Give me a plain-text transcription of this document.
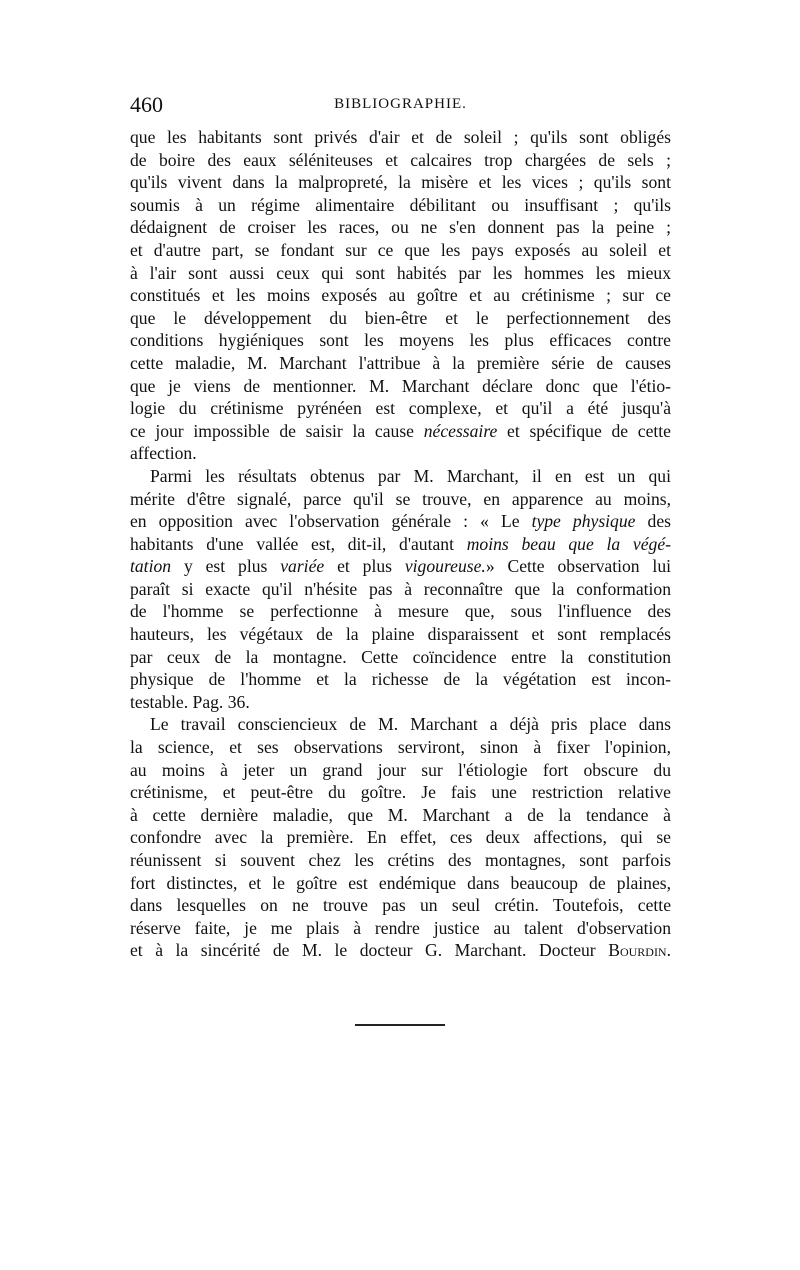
460	BIBLIOGRAPHIE.
que les habitants sont privés d'air et de soleil ; qu'ils sont obligés
de boire des eaux séléniteuses et calcaires trop chargées de sels ;
qu'ils vivent dans la malpropreté, la misère et les vices ; qu'ils sont
soumis à un régime alimentaire débilitant ou insuffisant ; qu'ils
dédaignent de croiser les races, ou ne s'en donnent pas la peine ;
et d'autre part, se fondant sur ce que les pays exposés au soleil et
à l'air sont aussi ceux qui sont habités par les hommes les mieux
constitués et les moins exposés au goître et au crétinisme ; sur ce
que le développement du bien-être et le perfectionnement des
conditions hygiéniques sont les moyens les plus efficaces contre
cette maladie, M. Marchant l'attribue à la première série de causes
que je viens de mentionner. M. Marchant déclare donc que l'étio-
logie du crétinisme pyrénéen est complexe, et qu'il a été jusqu'à
ce jour impossible de saisir la cause nécessaire et spécifique de cette
affection.
Parmi les résultats obtenus par M. Marchant, il en est un qui
mérite d'être signalé, parce qu'il se trouve, en apparence au moins,
en opposition avec l'observation générale : « Le type physique des
habitants d'une vallée est, dit-il, d'autant moins beau que la végé-
tation y est plus variée et plus vigoureuse.» Cette observation lui
paraît si exacte qu'il n'hésite pas à reconnaître que la conformation
de l'homme se perfectionne à mesure que, sous l'influence des
hauteurs, les végétaux de la plaine disparaissent et sont remplacés
par ceux de la montagne. Cette coïncidence entre la constitution
physique de l'homme et la richesse de la végétation est incon-
testable. Pag. 36.
Le travail consciencieux de M. Marchant a déjà pris place dans
la science, et ses observations serviront, sinon à fixer l'opinion,
au moins à jeter un grand jour sur l'étiologie fort obscure du
crétinisme, et peut-être du goître. Je fais une restriction relative
à cette dernière maladie, que M. Marchant a de la tendance à
confondre avec la première. En effet, ces deux affections, qui se
réunissent si souvent chez les crétins des montagnes, sont parfois
fort distinctes, et le goître est endémique dans beaucoup de plaines,
dans lesquelles on ne trouve pas un seul crétin. Toutefois, cette
réserve faite, je me plais à rendre justice au talent d'observation
et à la sincérité de M. le docteur G. Marchant. Docteur Bourdin.
